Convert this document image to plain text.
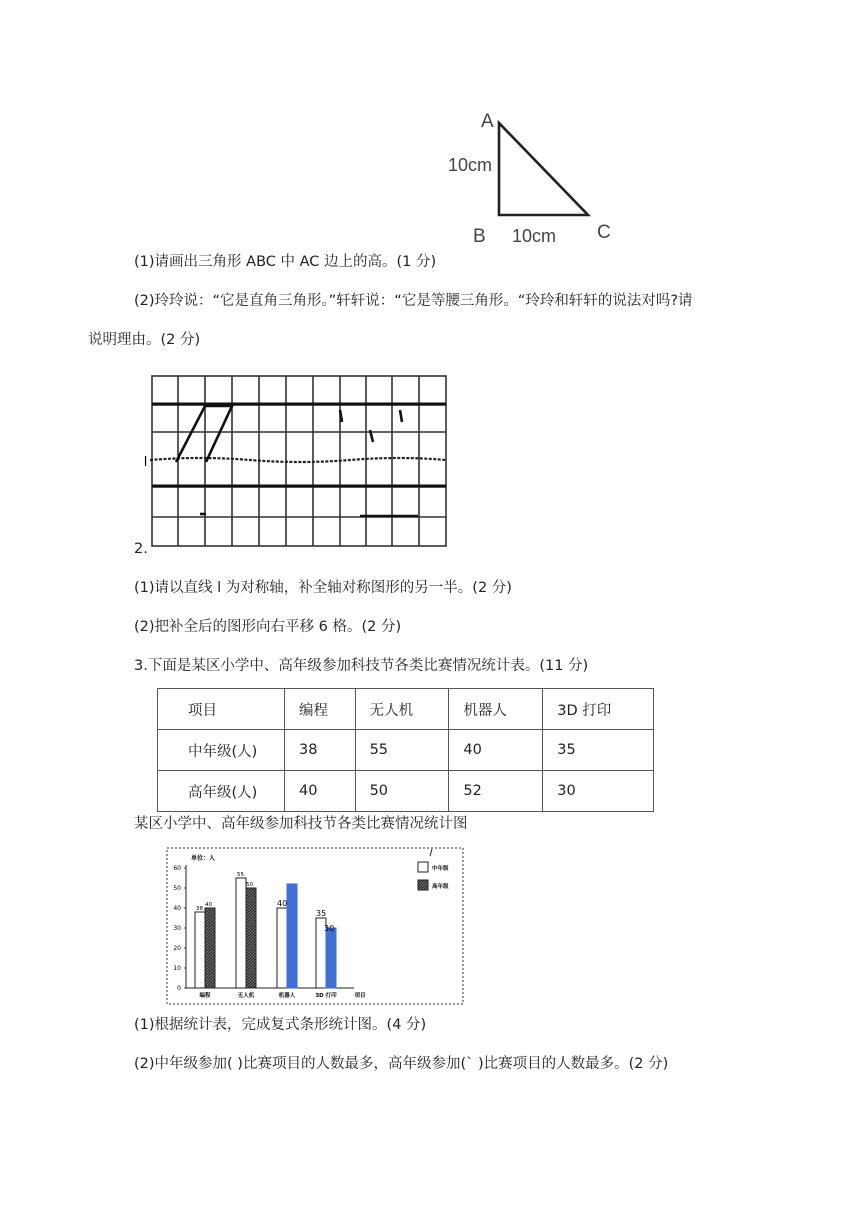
A
B	C
10cm
10cm
(1)请画出三角形 ABC 中 AC 边上的高。(1 分)
(2)玲玲说：“它是直角三角形。”轩轩说：“它是等腰三角形。“玲玲和轩轩的说法对吗?请
说明理由。(2 分)
l
2.
(1)请以直线 l 为对称轴，补全轴对称图形的另一半。(2 分)
(2)把补全后的图形向右平移 6 格。(2 分)
3.下面是某区小学中、高年级参加科技节各类比赛情况统计表。(11 分)
项目	编程	无人机	机器人	3D 打印
中年级(人)	38	55	40	35
高年级(人)	40	50	52	30
某区小学中、高年级参加科技节各类比赛情况统计图
单位：人
0
10
20
30
40
50
60
编程	无人机	机器人	3D 打印	项目
38
40
55
50
40
35
30
中年级
高年级
(1)根据统计表，完成复式条形统计图。(4 分)
(2)中年级参加( )比赛项目的人数最多，高年级参加(` )比赛项目的人数最多。(2 分)
